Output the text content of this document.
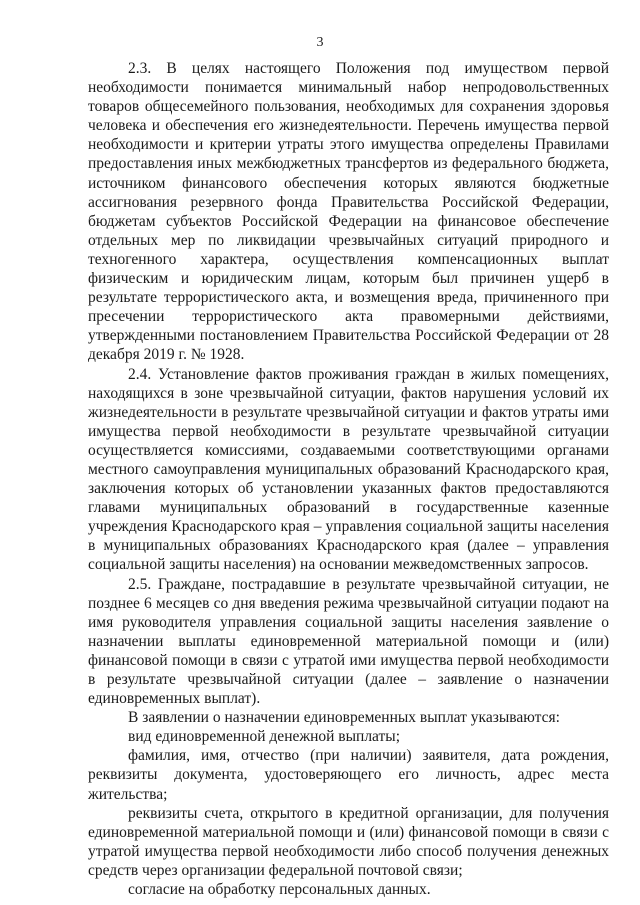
3

2.3. В целях настоящего Положения под имуществом первой необходимости понимается минимальный набор непродовольственных товаров общесемейного пользования, необходимых для сохранения здоровья человека и обеспечения его жизнедеятельности. Перечень имущества первой необходимости и критерии утраты этого имущества определены Правилами предоставления иных межбюджетных трансфертов из федерального бюджета, источником финансового обеспечения которых являются бюджетные ассигнования резервного фонда Правительства Российской Федерации, бюджетам субъектов Российской Федерации на финансовое обеспечение отдельных мер по ликвидации чрезвычайных ситуаций природного и техногенного характера, осуществления компенсационных выплат физическим и юридическим лицам, которым был причинен ущерб в результате террористического акта, и возмещения вреда, причиненного при пресечении террористического акта правомерными действиями, утвержденными постановлением Правительства Российской Федерации от 28 декабря 2019 г. № 1928.

2.4. Установление фактов проживания граждан в жилых помещениях, находящихся в зоне чрезвычайной ситуации, фактов нарушения условий их жизнедеятельности в результате чрезвычайной ситуации и фактов утраты ими имущества первой необходимости в результате чрезвычайной ситуации осуществляется комиссиями, создаваемыми соответствующими органами местного самоуправления муниципальных образований Краснодарского края, заключения которых об установлении указанных фактов предоставляются главами муниципальных образований в государственные казенные учреждения Краснодарского края – управления социальной защиты населения в муниципальных образованиях Краснодарского края (далее – управления социальной защиты населения) на основании межведомственных запросов.

2.5. Граждане, пострадавшие в результате чрезвычайной ситуации, не позднее 6 месяцев со дня введения режима чрезвычайной ситуации подают на имя руководителя управления социальной защиты населения заявление о назначении выплаты единовременной материальной помощи и (или) финансовой помощи в связи с утратой ими имущества первой необходимости в результате чрезвычайной ситуации (далее – заявление о назначении единовременных выплат).

В заявлении о назначении единовременных выплат указываются:

вид единовременной денежной выплаты;

фамилия, имя, отчество (при наличии) заявителя, дата рождения, реквизиты документа, удостоверяющего его личность, адрес места жительства;

реквизиты счета, открытого в кредитной организации, для получения единовременной материальной помощи и (или) финансовой помощи в связи с утратой имущества первой необходимости либо способ получения денежных средств через организации федеральной почтовой связи;

согласие на обработку персональных данных.
